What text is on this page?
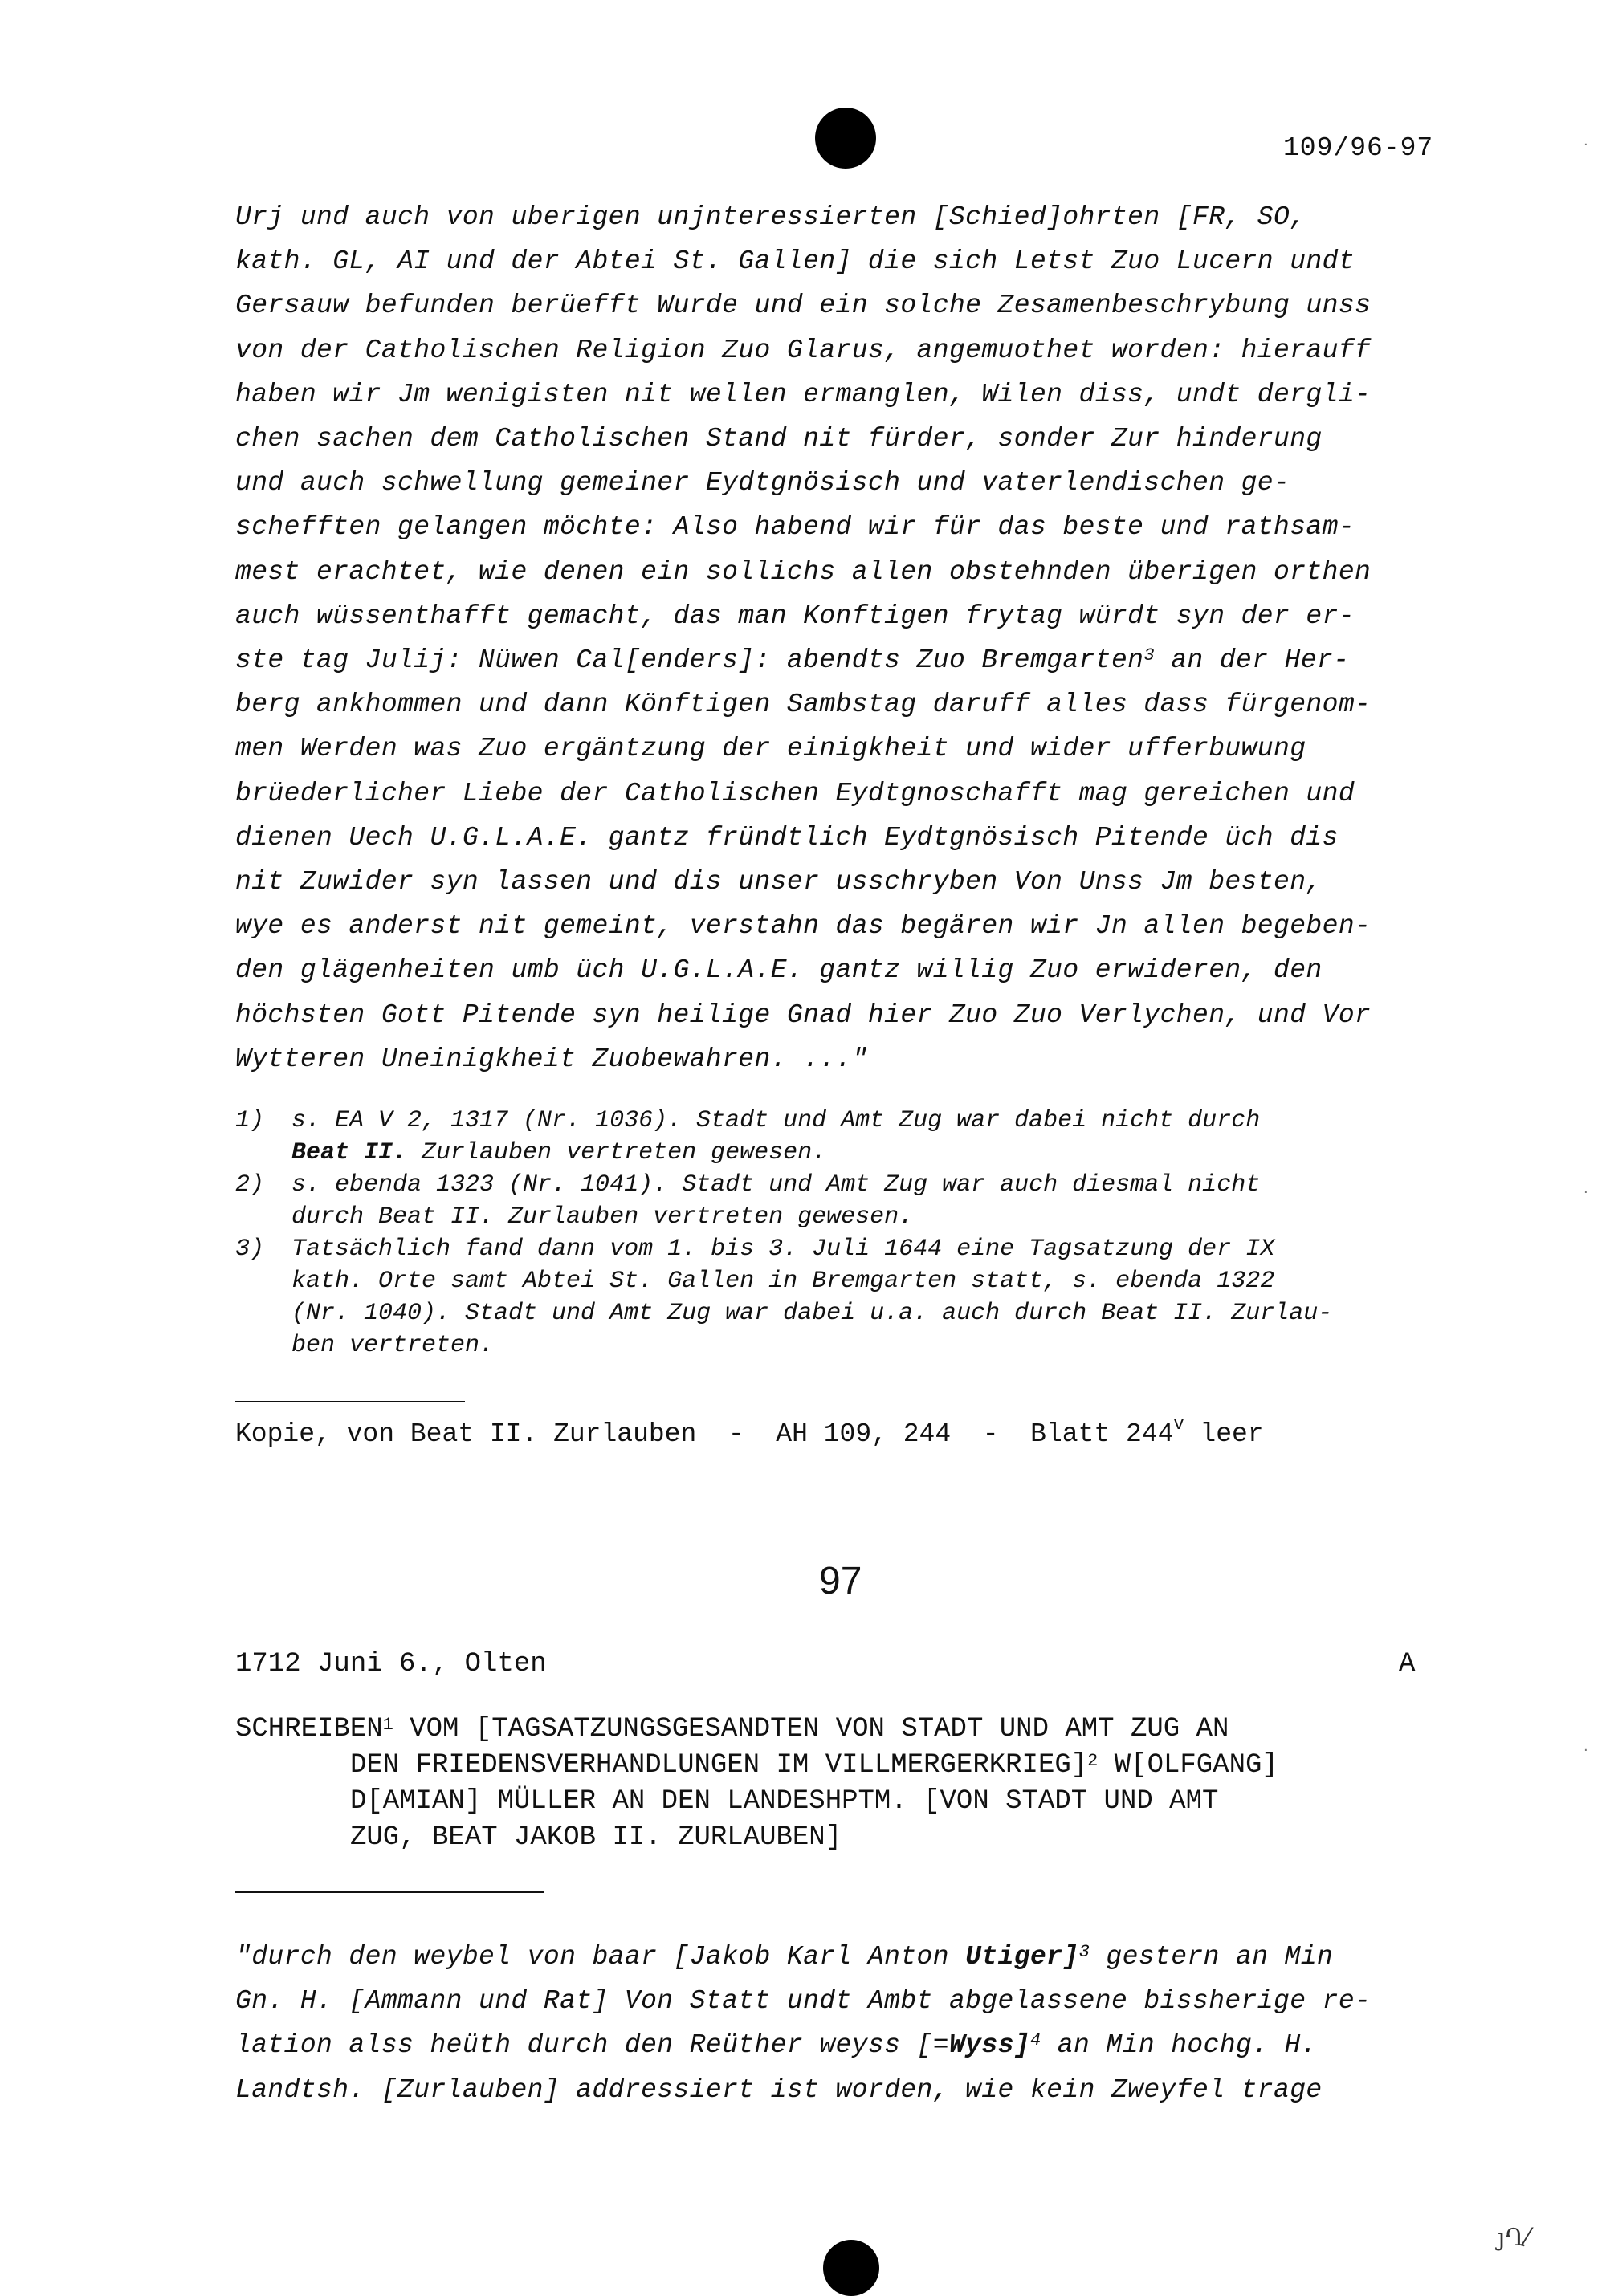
109/96-97
Urj und auch von uberigen unjnteressierten [Schied]ohrten [FR, SO,
kath. GL, AI und der Abtei St. Gallen] die sich Letst Zuo Lucern undt
Gersauw befunden berüefft Wurde und ein solche Zesamenbeschrybung unss
von der Catholischen Religion Zuo Glarus, angemuothet worden: hierauff
haben wir Jm wenigisten nit wellen ermanglen, Wilen diss, undt dergli-
chen sachen dem Catholischen Stand nit fürder, sonder Zur hinderung
und auch schwellung gemeiner Eydtgnösisch und vaterlendischen ge-
schefften gelangen möchte: Also habend wir für das beste und rathsam-
mest erachtet, wie denen ein sollichs allen obstehnden überigen orthen
auch wüssenthafft gemacht, das man Konftigen frytag würdt syn der er-
ste tag Julij: Nüwen Cal[enders]: abendts Zuo Bremgarten$^3$ an der Her-
berg ankhommen und dann Könftigen Sambstag daruff alles dass fürgenom-
men Werden was Zuo ergäntzung der einigkheit und wider ufferbuwung
brüederlicher Liebe der Catholischen Eydtgnoschafft mag gereichen und
dienen Uech U.G.L.A.E. gantz fründtlich Eydtgnösisch Pitende üch dis
nit Zuwider syn lassen und dis unser usschryben Von Unss Jm besten,
wye es anderst nit gemeint, verstahn das begären wir Jn allen begeben-
den glägenheiten umb üch U.G.L.A.E. gantz willig Zuo erwideren, den
höchsten Gott Pitende syn heilige Gnad hier Zuo Zuo Verlychen, und Vor
Wytteren Uneinigkheit Zuobewahren. ..."
1)	s. EA V 2, 1317 (Nr. 1036). Stadt und Amt Zug war dabei nicht durch
Beat II. Zurlauben vertreten gewesen.
2)	s. ebenda 1323 (Nr. 1041). Stadt und Amt Zug war auch diesmal nicht
durch Beat II. Zurlauben vertreten gewesen.
3)	Tatsächlich fand dann vom 1. bis 3. Juli 1644 eine Tagsatzung der IX
kath. Orte samt Abtei St. Gallen in Bremgarten statt, s. ebenda 1322
(Nr. 1040). Stadt und Amt Zug war dabei u.a. auch durch Beat II. Zurlau-
ben vertreten.
Kopie, von Beat II. Zurlauben  -  AH 109, 244  -  Blatt 244$^v$ leer
97
1712 Juni 6., Olten	A
SCHREIBEN$^1$ VOM [TAGSATZUNGSGESANDTEN VON STADT UND AMT ZUG AN
DEN FRIEDENSVERHANDLUNGEN IM VILLMERGERKRIEG]$^2$ W[OLFGANG]
D[AMIAN] MÜLLER AN DEN LANDESHPTM. [VON STADT UND AMT
ZUG, BEAT JAKOB II. ZURLAUBEN]
"durch den weybel von baar [Jakob Karl Anton Utiger]$^3$ gestern an Min
Gn. H. [Ammann und Rat] Von Statt undt Ambt abgelassene bissherige re-
lation alss heüth durch den Reüther weyss [=Wyss]$^4$ an Min hochg. H.
Landtsh. [Zurlauben] addressiert ist worden, wie kein Zweyfel trage
·
·
·
ȷՂ⁄
